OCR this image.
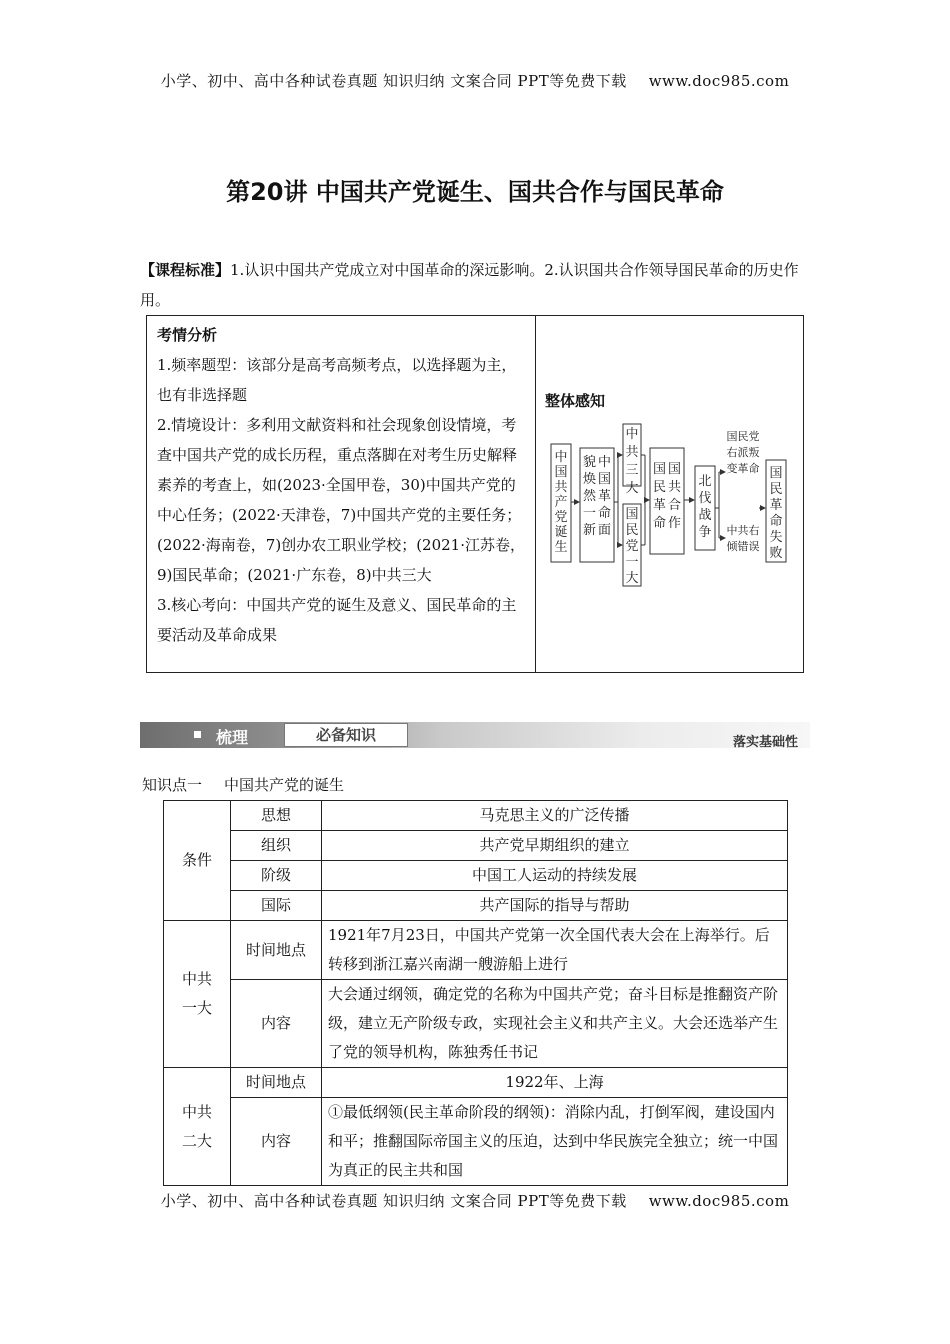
小学、初中、高中各种试卷真题 知识归纳 文案合同 PPT等免费下载 www.doc985.com
第20讲 中国共产党诞生、国共合作与国民革命
【课程标准】1.认识中国共产党成立对中国革命的深远影响。2.认识国共合作领导国民革命的历史作用。
考情分析
1.频率题型：该部分是高考高频考点，以选择题为主，也有非选择题
2.情境设计：多利用文献资料和社会现象创设情境，考查中国共产党的成长历程，重点落脚在对考生历史解释素养的考查上，如(2023·全国甲卷，30)中国共产党的中心任务；(2022·天津卷，7)中国共产党的主要任务；(2022·海南卷，7)创办农工职业学校；(2021·江苏卷，9)国民革命；(2021·广东卷，8)中共三大
3.核心考向：中国共产党的诞生及意义、国民革命的主要活动及革命成果
整体感知
中国共产党诞生
中国革命面貌焕然一新
中共三大
国民党一大
国共合作国民革命
北伐战争
国民革命失败
国民党右派叛变革命
中共右倾错误
梳理	必备知识	落实基础性
知识点一 中国共产党的诞生
条件	思想	马克思主义的广泛传播
	组织	共产党早期组织的建立
	阶级	中国工人运动的持续发展
	国际	共产国际的指导与帮助

中共一大	时间地点	1921年7月23日，中国共产党第一次全国代表大会在上海举行。后转移到浙江嘉兴南湖一艘游船上进行
	内容	大会通过纲领，确定党的名称为中国共产党；奋斗目标是推翻资产阶级，建立无产阶级专政，实现社会主义和共产主义。大会还选举产生了党的领导机构，陈独秀任书记

中共二大	时间地点	1922年、上海
	内容	①最低纲领(民主革命阶段的纲领)：消除内乱，打倒军阀，建设国内和平；推翻国际帝国主义的压迫，达到中华民族完全独立；统一中国为真正的民主共和国
小学、初中、高中各种试卷真题 知识归纳 文案合同 PPT等免费下载 www.doc985.com
